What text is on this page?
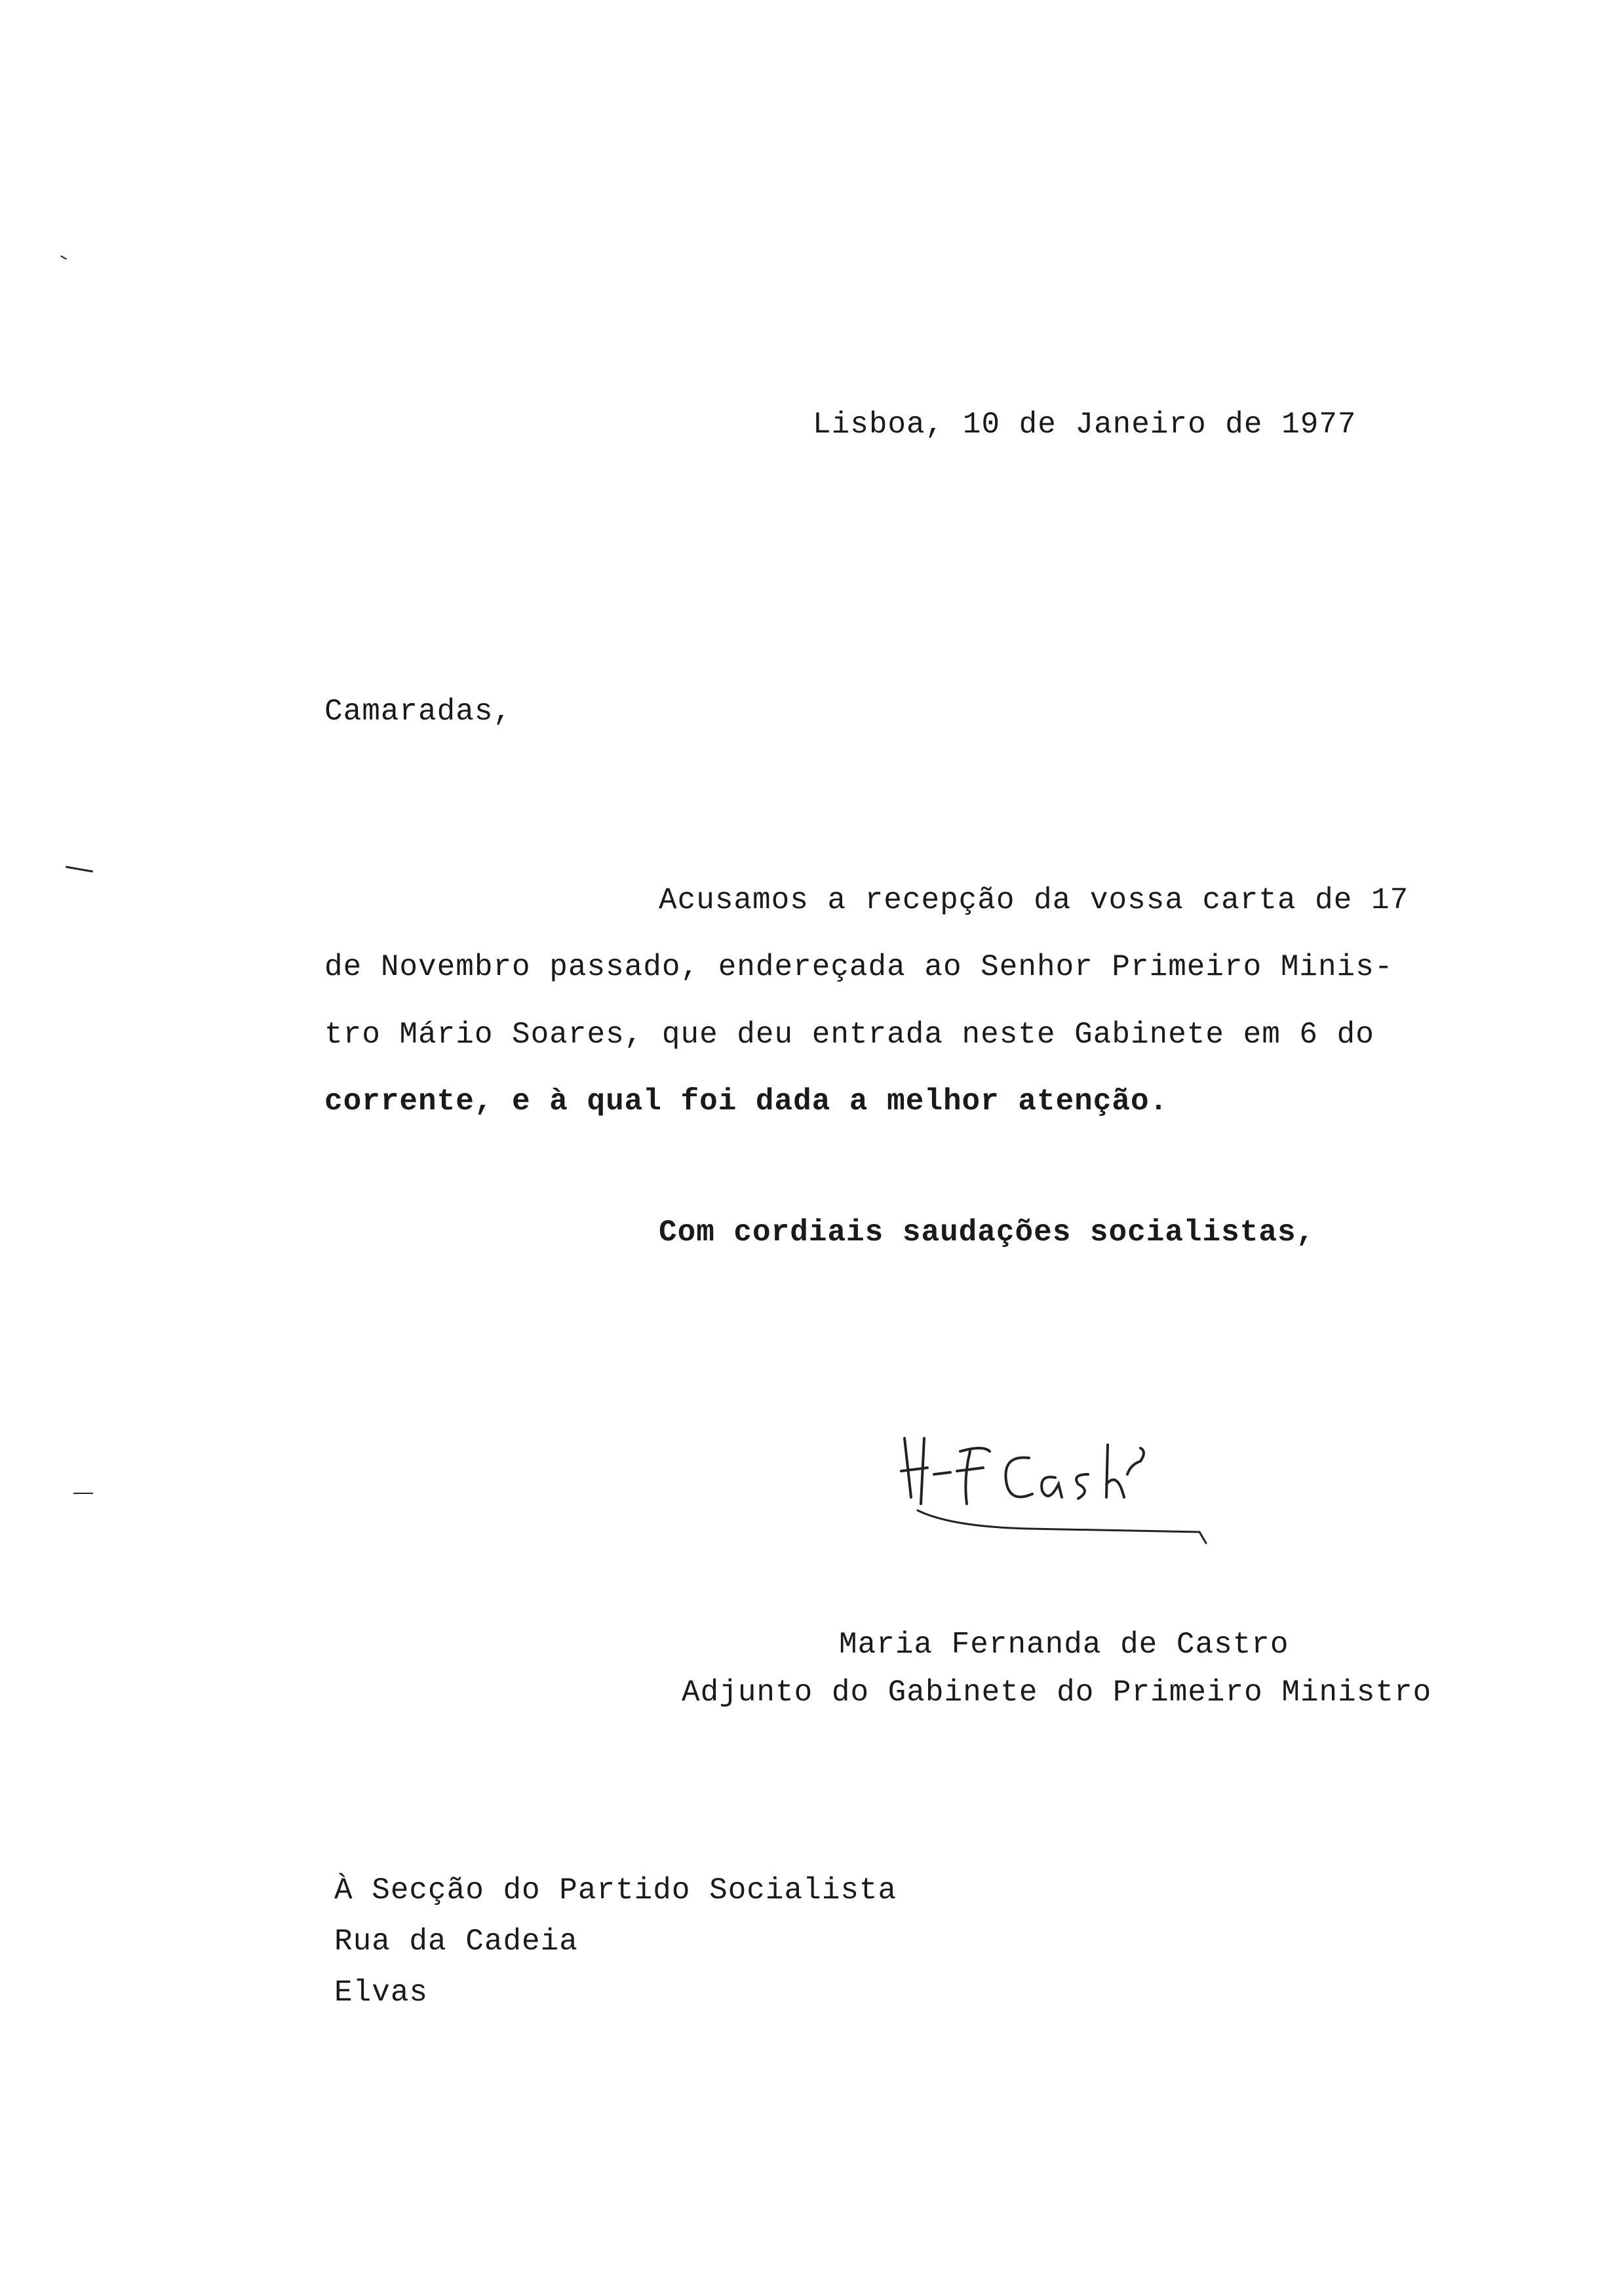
Lisboa, 10 de Janeiro de 1977
Camaradas,
Acusamos a recepção da vossa carta de 17
de Novembro passado, endereçada ao Senhor Primeiro Minis-
tro Mário Soares, que deu entrada neste Gabinete em 6 do
corrente, e à qual foi dada a melhor atenção.
Com cordiais saudações socialistas,
Maria Fernanda de Castro
Adjunto do Gabinete do Primeiro Ministro
À Secção do Partido Socialista
Rua da Cadeia
Elvas
